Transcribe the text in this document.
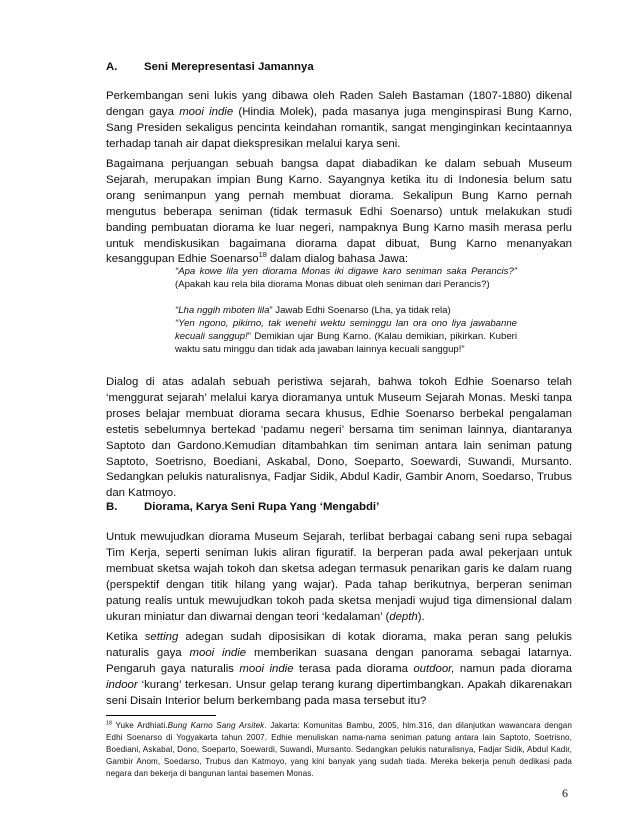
A. Seni Merepresentasi Jamannya

Perkembangan seni lukis yang dibawa oleh Raden Saleh Bastaman (1807-1880) dikenal dengan gaya mooi indie (Hindia Molek), pada masanya juga menginspirasi Bung Karno, Sang Presiden sekaligus pencinta keindahan romantik, sangat menginginkan kecintaannya terhadap tanah air dapat diekspresikan melalui karya seni.

Bagaimana perjuangan sebuah bangsa dapat diabadikan ke dalam sebuah Museum Sejarah, merupakan impian Bung Karno. Sayangnya ketika itu di Indonesia belum satu orang senimanpun yang pernah membuat diorama. Sekalipun Bung Karno pernah mengutus beberapa seniman (tidak termasuk Edhi Soenarso) untuk melakukan studi banding pembuatan diorama ke luar negeri, nampaknya Bung Karno masih merasa perlu untuk mendiskusikan bagaimana diorama dapat dibuat, Bung Karno menanyakan kesanggupan Edhie Soenarso$^{18}$ dalam dialog bahasa Jawa:

“Apa kowe lila yen diorama Monas iki digawe karo seniman saka Perancis?” (Apakah kau rela bila diorama Monas dibuat oleh seniman dari Perancis?)

“Lha nggih mboten lila” Jawab Edhi Soenarso (Lha, ya tidak rela)

“Yen ngono, pikirno, tak wenehi wektu seminggu lan ora ono liya jawabanne kecuali sanggup!” Demikian ujar Bung Karno. (Kalau demikian, pikirkan. Kuberi waktu satu minggu dan tidak ada jawaban lainnya kecuali sanggup!”

Dialog di atas adalah sebuah peristiwa sejarah, bahwa tokoh Edhie Soenarso telah ‘menggurat sejarah’ melalui karya dioramanya untuk Museum Sejarah Monas. Meski tanpa proses belajar membuat diorama secara khusus, Edhie Soenarso berbekal pengalaman estetis sebelumnya bertekad ‘padamu negeri’ bersama tim seniman lainnya, diantaranya Saptoto dan Gardono.Kemudian ditambahkan tim seniman antara lain seniman patung Saptoto, Soetrisno, Boediani, Askabal, Dono, Soeparto, Soewardi, Suwandi, Mursanto. Sedangkan pelukis naturalisnya, Fadjar Sidik, Abdul Kadir, Gambir Anom, Soedarso, Trubus dan Katmoyo.

B. Diorama, Karya Seni Rupa Yang ‘Mengabdi’

Untuk mewujudkan diorama Museum Sejarah, terlibat berbagai cabang seni rupa sebagai Tim Kerja, seperti seniman lukis aliran figuratif. Ia berperan pada awal pekerjaan untuk membuat sketsa wajah tokoh dan sketsa adegan termasuk penarikan garis ke dalam ruang (perspektif dengan titik hilang yang wajar). Pada tahap berikutnya, berperan seniman patung realis untuk mewujudkan tokoh pada sketsa menjadi wujud tiga dimensional dalam ukuran miniatur dan diwarnai dengan teori ‘kedalaman’ (depth).

Ketika setting adegan sudah diposisikan di kotak diorama, maka peran sang pelukis naturalis gaya mooi indie memberikan suasana dengan panorama sebagai latarnya. Pengaruh gaya naturalis mooi indie terasa pada diorama outdoor, namun pada diorama indoor ‘kurang’ terkesan. Unsur gelap terang kurang dipertimbangkan. Apakah dikarenakan seni Disain Interior belum berkembang pada masa tersebut itu?

$^{18}$ Yuke Ardhiati.Bung Karno Sang Arsitek. Jakarta: Komunitas Bambu, 2005, hlm.316, dan dilanjutkan wawancara dengan Edhi Soenarso di Yogyakarta tahun 2007. Edhie menuliskan nama-nama seniman patung antara lain Saptoto, Soetrisno, Boediani, Askabal, Dono, Soeparto, Soewardi, Suwandi, Mursanto. Sedangkan pelukis naturalisnya, Fadjar Sidik, Abdul Kadir, Gambir Anom, Soedarso, Trubus dan Katmoyo, yang kini banyak yang sudah tiada. Mereka bekerja penuh dedikasi pada negara dan bekerja di bangunan lantai basemen Monas.

6
